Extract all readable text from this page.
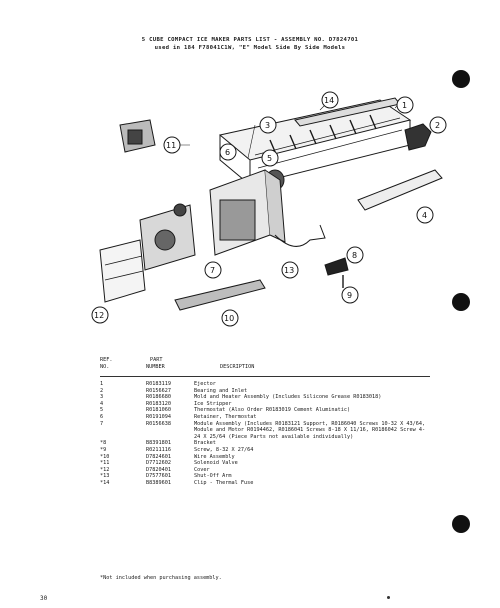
5 CUBE COMPACT ICE MAKER PARTS LIST - ASSEMBLY NO. D7824701
used in 184 F78041C1W, "E" Model Side By Side Models
1
2
3
4
5
6
7
8
9
10
11
12
13
14
REF.
NO.
PART
NUMBER	DESCRIPTION
1	R0183119	Ejector
2	R0156627	Bearing and Inlet
3	R0186680	Mold and Heater Assembly (Includes Silicone Grease R0183018)
4	R0183120	Ice Stripper
5	R0181060	Thermostat (Also Order R0183019 Cement Aluminatic)
6	R0191094	Retainer, Thermostat
7	R0156638	Module Assembly (Includes R0183121 Support, R0186040 Screws 10-32 X 43/64, Module and Motor R0194462, R0186041 Screws 8-18 X 11/16, R0186042 Screw 4-24 X 25/64 (Piece Parts not available individually)
*8	B8391801	Bracket
*9	R0211116	Screw, 8-32 X 27/64
*10	D7824601	Wire Assembly
*11	D7712602	Solenoid Valve
*12	D7820401	Cover
*13	D7577601	Shut-Off Arm
*14	B8389601	Clip - Thermal Fuse
*Not included when purchasing assembly.
30
